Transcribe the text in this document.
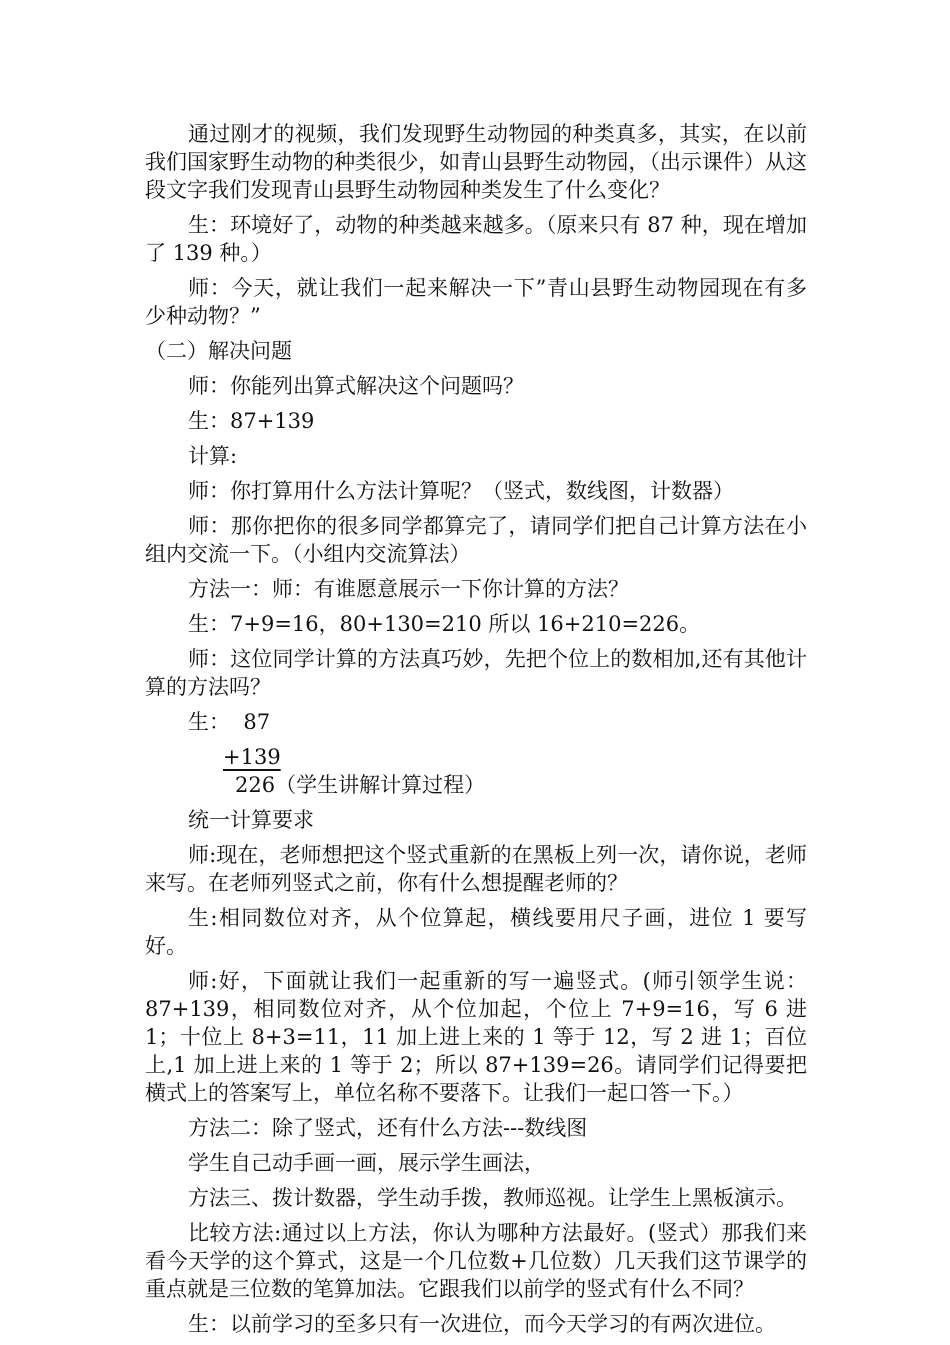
通过刚才的视频，我们发现野生动物园的种类真多，其实，在以前我们国家野生动物的种类很少，如青山县野生动物园，（出示课件）从这段文字我们发现青山县野生动物园种类发生了什么变化？

生：环境好了，动物的种类越来越多。（原来只有 87 种，现在增加了 139 种。）

师：今天，就让我们一起来解决一下”青山县野生动物园现在有多少种动物？”

（二）解决问题

师：你能列出算式解决这个问题吗？

生：87+139

计算:

师：你打算用什么方法计算呢？（竖式，数线图，计数器）

师：那你把你的很多同学都算完了，请同学们把自己计算方法在小组内交流一下。（小组内交流算法）

方法一：师：有谁愿意展示一下你计算的方法？

生：7+9=16，80+130=210 所以 16+210=226。

师：这位同学计算的方法真巧妙，先把个位上的数相加,还有其他计算的方法吗？

生：  87

+139

226（学生讲解计算过程）

统一计算要求

师:现在，老师想把这个竖式重新的在黑板上列一次，请你说，老师来写。在老师列竖式之前，你有什么想提醒老师的？

生:相同数位对齐，从个位算起，横线要用尺子画，进位 1 要写好。

师:好，下面就让我们一起重新的写一遍竖式。(师引领学生说：87+139，相同数位对齐，从个位加起，个位上 7+9=16，写 6 进 1；十位上 8+3=11，11 加上进上来的 1 等于 12，写 2 进 1；百位上,1 加上进上来的 1 等于 2；所以 87+139=26。请同学们记得要把横式上的答案写上，单位名称不要落下。让我们一起口答一下。）

方法二：除了竖式，还有什么方法---数线图

学生自己动手画一画，展示学生画法，

方法三、拨计数器，学生动手拨，教师巡视。让学生上黑板演示。

比较方法:通过以上方法，你认为哪种方法最好。(竖式）那我们来看今天学的这个算式，这是一个几位数+几位数）几天我们这节课学的重点就是三位数的笔算加法。它跟我们以前学的竖式有什么不同？

生：以前学习的至多只有一次进位，而今天学习的有两次进位。
